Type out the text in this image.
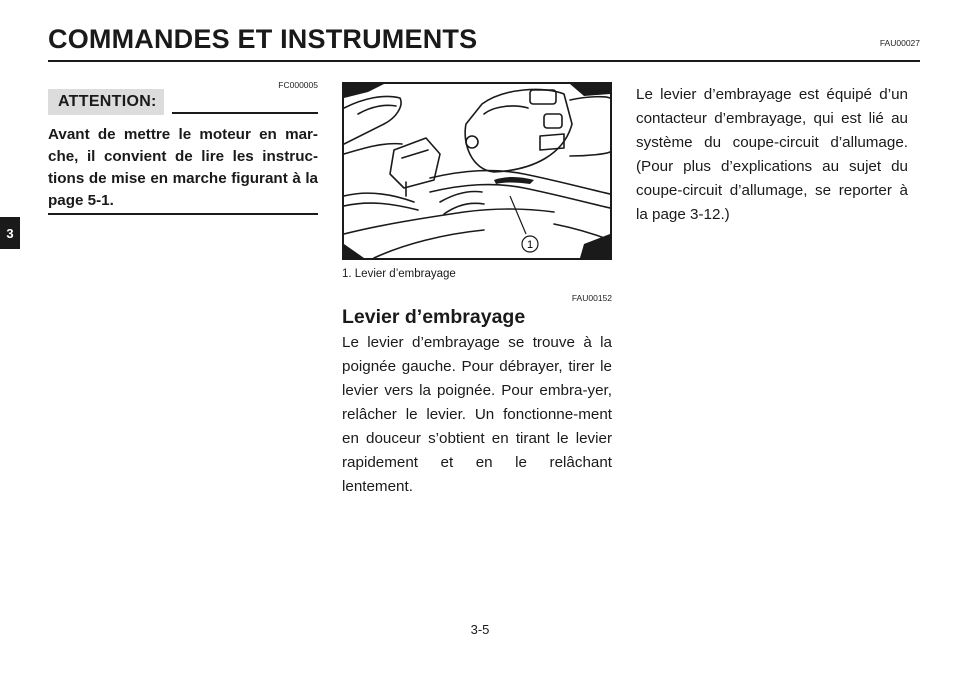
COMMANDES ET INSTRUMENTS	FAU00027
3
FC000005
ATTENTION:
Avant de mettre le moteur en mar-che, il convient de lire les instruc-tions de mise en marche figurant à la page 5-1.
1
1. Levier d’embrayage
FAU00152
Levier d’embrayage
Le levier d’embrayage se trouve à la poignée gauche. Pour débrayer, tirer le levier vers la poignée. Pour embra-yer, relâcher le levier. Un fonctionne-ment en douceur s’obtient en tirant le levier rapidement et en le relâchant lentement.
Le levier d’embrayage est équipé d’un contacteur d’embrayage, qui est lié au système du coupe-circuit d’allumage. (Pour plus d’explications au sujet du coupe-circuit d’allumage, se reporter à la page 3-12.)
3-5
